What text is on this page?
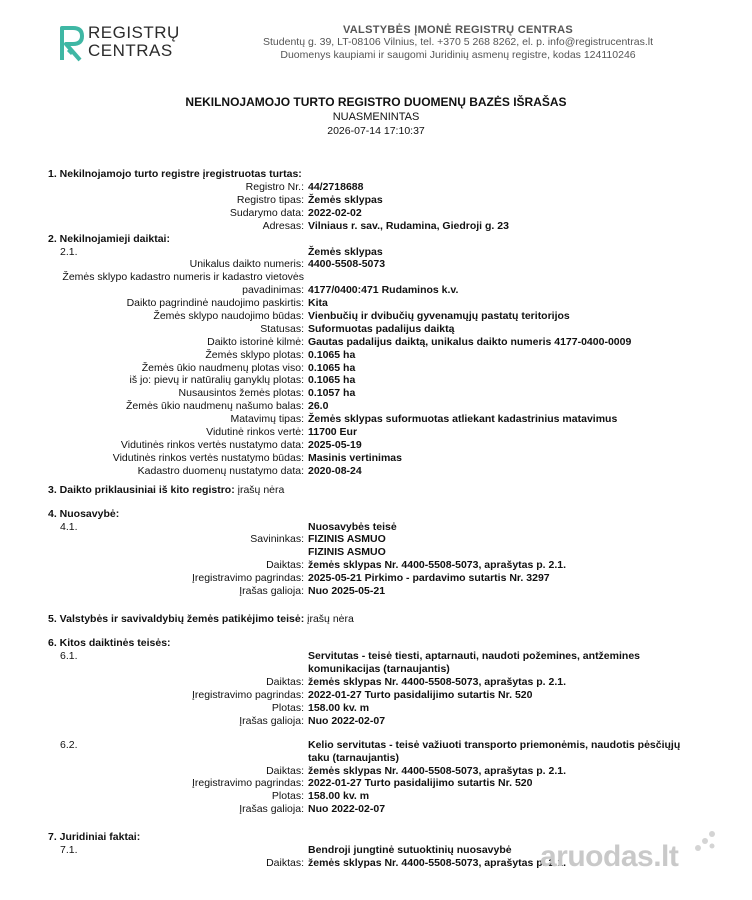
REGISTRŲ
CENTRAS
VALSTYBĖS ĮMONĖ REGISTRŲ CENTRAS
Studentų g. 39, LT-08106 Vilnius, tel. +370 5 268 8262, el. p. info@registrucentras.lt
Duomenys kaupiami ir saugomi Juridinių asmenų registre, kodas 124110246
NEKILNOJAMOJO TURTO REGISTRO DUOMENŲ BAZĖS IŠRAŠAS
NUASMENINTAS
2026-07-14 17:10:37
1. Nekilnojamojo turto registre įregistruotas turtas:
Registro Nr.: 44/2718688
Registro tipas: Žemės sklypas
Sudarymo data: 2022-02-02
Adresas: Vilniaus r. sav., Rudamina, Giedroji g. 23
2. Nekilnojamieji daiktai:
2.1.	Žemės sklypas
Unikalus daikto numeris: 4400-5508-5073
Žemės sklypo kadastro numeris ir kadastro vietovės
pavadinimas: 4177/0400:471 Rudaminos k.v.
Daikto pagrindinė naudojimo paskirtis: Kita
Žemės sklypo naudojimo būdas: Vienbučių ir dvibučių gyvenamųjų pastatų teritorijos
Statusas: Suformuotas padalijus daiktą
Daikto istorinė kilmė: Gautas padalijus daiktą, unikalus daikto numeris 4177-0400-0009
Žemės sklypo plotas: 0.1065 ha
Žemės ūkio naudmenų plotas viso: 0.1065 ha
iš jo: pievų ir natūralių ganyklų plotas: 0.1065 ha
Nusausintos žemės plotas: 0.1057 ha
Žemės ūkio naudmenų našumo balas: 26.0
Matavimų tipas: Žemės sklypas suformuotas atliekant kadastrinius matavimus
Vidutinė rinkos vertė: 11700 Eur
Vidutinės rinkos vertės nustatymo data: 2025-05-19
Vidutinės rinkos vertės nustatymo būdas: Masinis vertinimas
Kadastro duomenų nustatymo data: 2020-08-24
3. Daikto priklausiniai iš kito registro: įrašų nėra
4. Nuosavybė:
4.1.	Nuosavybės teisė
Savininkas: FIZINIS ASMUO
FIZINIS ASMUO
Daiktas: žemės sklypas Nr. 4400-5508-5073, aprašytas p. 2.1.
Įregistravimo pagrindas: 2025-05-21 Pirkimo - pardavimo sutartis Nr. 3297
Įrašas galioja: Nuo 2025-05-21
5. Valstybės ir savivaldybių žemės patikėjimo teisė: įrašų nėra
6. Kitos daiktinės teisės:
6.1.	Servitutas - teisė tiesti, aptarnauti, naudoti požemines, antžemines komunikacijas (tarnaujantis)
Daiktas: žemės sklypas Nr. 4400-5508-5073, aprašytas p. 2.1.
Įregistravimo pagrindas: 2022-01-27 Turto pasidalijimo sutartis Nr. 520
Plotas: 158.00 kv. m
Įrašas galioja: Nuo 2022-02-07
6.2.	Kelio servitutas - teisė važiuoti transporto priemonėmis, naudotis pėsčiųjų taku (tarnaujantis)
Daiktas: žemės sklypas Nr. 4400-5508-5073, aprašytas p. 2.1.
Įregistravimo pagrindas: 2022-01-27 Turto pasidalijimo sutartis Nr. 520
Plotas: 158.00 kv. m
Įrašas galioja: Nuo 2022-02-07
7. Juridiniai faktai:
7.1.	Bendroji jungtinė sutuoktinių nuosavybė
Daiktas: žemės sklypas Nr. 4400-5508-5073, aprašytas p. 2.1.
aruodas.lt
